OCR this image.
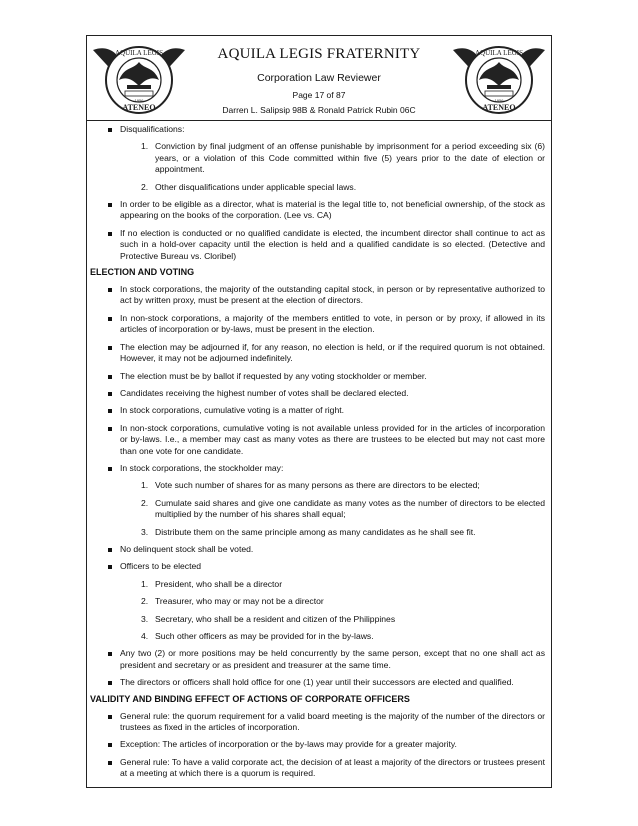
AQUILA LEGIS
ATENEO
1956
AQUILA LEGIS FRATERNITY
Corporation Law Reviewer
Page 17 of 87
Darren L. Salipsip 98B & Ronald Patrick Rubin 06C
AQUILA LEGIS
ATENEO
1956
Disqualifications:
1. Conviction by final judgment of an offense punishable by imprisonment for a period exceeding six (6) years, or a violation of this Code committed within five (5) years prior to the date of election or appointment.
2. Other disqualifications under applicable special laws.
In order to be eligible as a director, what is material is the legal title to, not beneficial ownership, of the stock as appearing on the books of the corporation. (Lee vs. CA)
If no election is conducted or no qualified candidate is elected, the incumbent director shall continue to act as such in a hold-over capacity until the election is held and a qualified candidate is so elected. (Detective and Protective Bureau vs. Cloribel)
ELECTION AND VOTING
In stock corporations, the majority of the outstanding capital stock, in person or by representative authorized to act by written proxy, must be present at the election of directors.
In non-stock corporations, a majority of the members entitled to vote, in person or by proxy, if allowed in its articles of incorporation or by-laws, must be present in the election.
The election may be adjourned if, for any reason, no election is held, or if the required quorum is not obtained. However, it may not be adjourned indefinitely.
The election must be by ballot if requested by any voting stockholder or member.
Candidates receiving the highest number of votes shall be declared elected.
In stock corporations, cumulative voting is a matter of right.
In non-stock corporations, cumulative voting is not available unless provided for in the articles of incorporation or by-laws. I.e., a member may cast as many votes as there are trustees to be elected but may not cast more than one vote for one candidate.
In stock corporations, the stockholder may:
1. Vote such number of shares for as many persons as there are directors to be elected;
2. Cumulate said shares and give one candidate as many votes as the number of directors to be elected multiplied by the number of his shares shall equal;
3. Distribute them on the same principle among as many candidates as he shall see fit.
No delinquent stock shall be voted.
Officers to be elected
1. President, who shall be a director
2. Treasurer, who may or may not be a director
3. Secretary, who shall be a resident and citizen of the Philippines
4. Such other officers as may be provided for in the by-laws.
Any two (2) or more positions may be held concurrently by the same person, except that no one shall act as president and secretary or as president and treasurer at the same time.
The directors or officers shall hold office for one (1) year until their successors are elected and qualified.
VALIDITY AND BINDING EFFECT OF ACTIONS OF CORPORATE OFFICERS
General rule: the quorum requirement for a valid board meeting is the majority of the number of the directors or trustees as fixed in the articles of incorporation.
Exception: The articles of incorporation or the by-laws may provide for a greater majority.
General rule: To have a valid corporate act, the decision of at least a majority of the directors or trustees present at a meeting at which there is a quorum is required.
